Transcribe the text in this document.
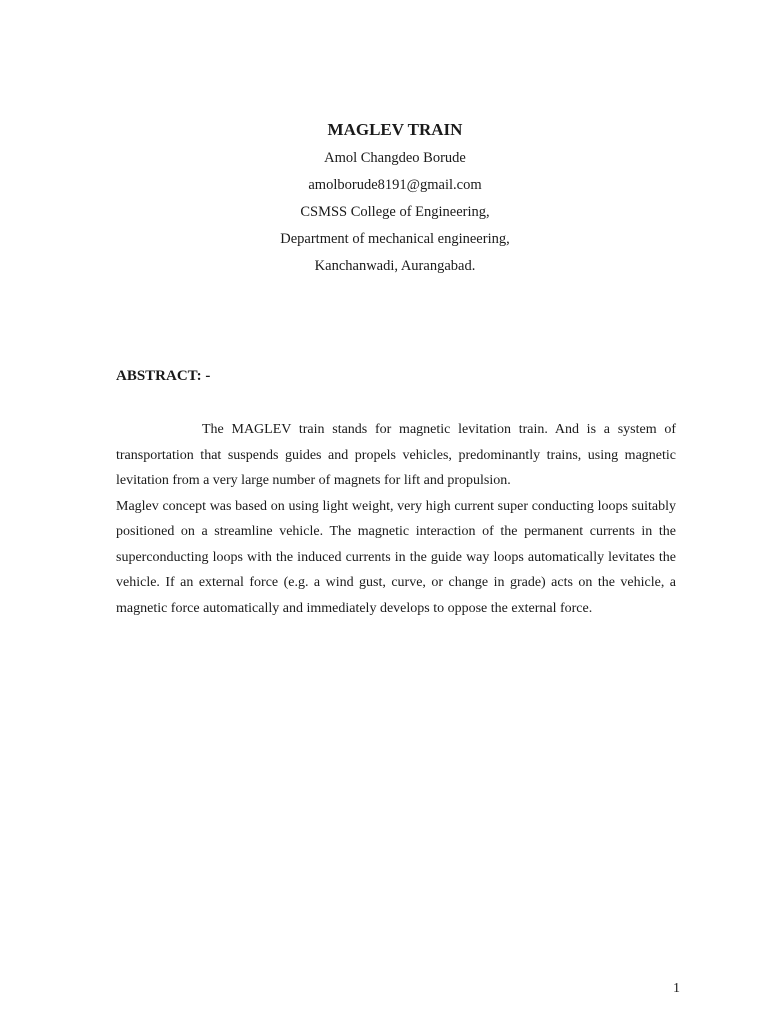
MAGLEV TRAIN

Amol Changdeo Borude

amolborude8191@gmail.com

CSMSS College of Engineering,

Department of mechanical engineering,

Kanchanwadi, Aurangabad.

ABSTRACT: -

The MAGLEV train stands for magnetic levitation train. And is a system of transportation that suspends guides and propels vehicles, predominantly trains, using magnetic levitation from a very large number of magnets for lift and propulsion.

Maglev concept was based on using light weight, very high current super conducting loops suitably positioned on a streamline vehicle. The magnetic interaction of the permanent currents in the superconducting loops with the induced currents in the guide way loops automatically levitates the vehicle. If an external force (e.g. a wind gust, curve, or change in grade) acts on the vehicle, a magnetic force automatically and immediately develops to oppose the external force.

1
